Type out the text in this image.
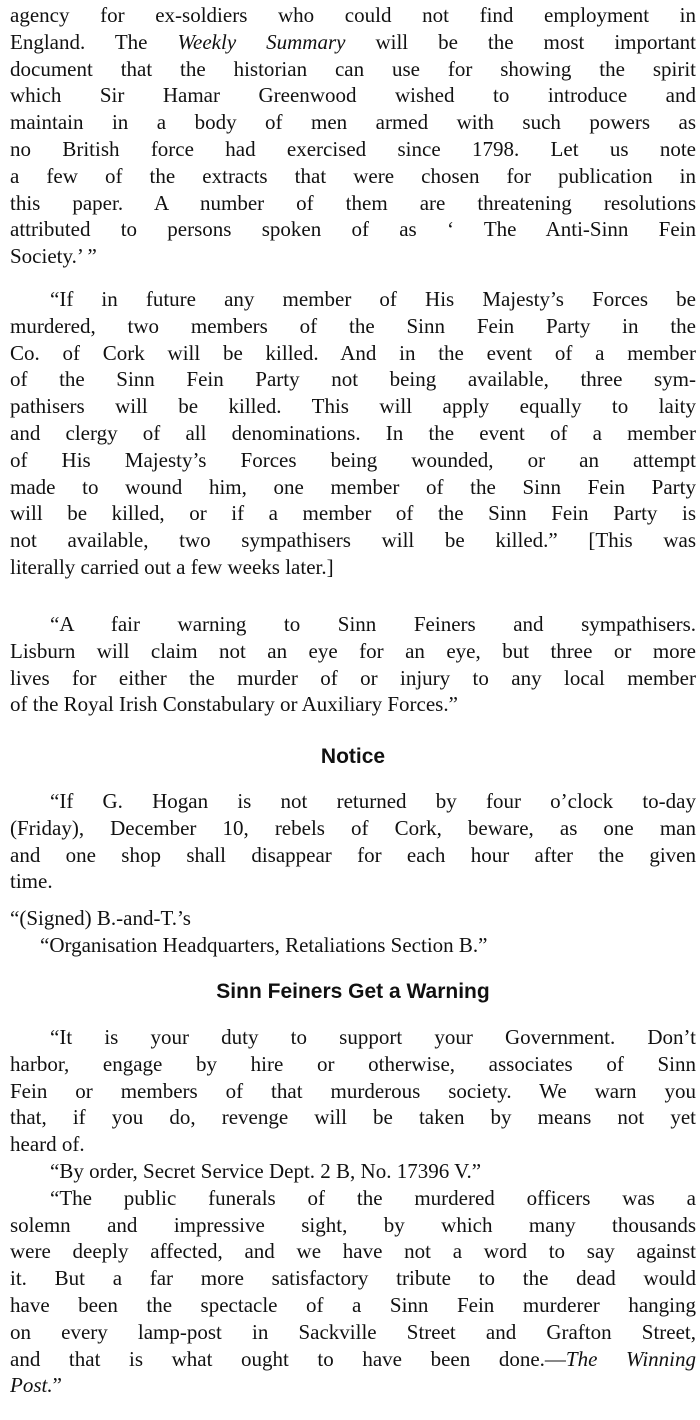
agency for ex-soldiers who could not find employment in
England. The Weekly Summary will be the most important
document that the historian can use for showing the spirit
which Sir Hamar Greenwood wished to introduce and
maintain in a body of men armed with such powers as
no British force had exercised since 1798. Let us note
a few of the extracts that were chosen for publication in
this paper. A number of them are threatening resolutions
attributed to persons spoken of as ‘ The Anti-Sinn Fein
Society.’ ”
“If in future any member of His Majesty’s Forces be
murdered, two members of the Sinn Fein Party in the
Co. of Cork will be killed. And in the event of a member
of the Sinn Fein Party not being available, three sym-
pathisers will be killed. This will apply equally to laity
and clergy of all denominations. In the event of a member
of His Majesty’s Forces being wounded, or an attempt
made to wound him, one member of the Sinn Fein Party
will be killed, or if a member of the Sinn Fein Party is
not available, two sympathisers will be killed.” [This was
literally carried out a few weeks later.]
“A fair warning to Sinn Feiners and sympathisers.
Lisburn will claim not an eye for an eye, but three or more
lives for either the murder of or injury to any local member
of the Royal Irish Constabulary or Auxiliary Forces.”
Notice
“If G. Hogan is not returned by four o’clock to-day
(Friday), December 10, rebels of Cork, beware, as one man
and one shop shall disappear for each hour after the given
time.
“(Signed) B.-and-T.’s
“Organisation Headquarters, Retaliations Section B.”
Sinn Feiners Get a Warning
“It is your duty to support your Government. Don’t
harbor, engage by hire or otherwise, associates of Sinn
Fein or members of that murderous society. We warn you
that, if you do, revenge will be taken by means not yet
heard of.
“By order, Secret Service Dept. 2 B, No. 17396 V.”
“The public funerals of the murdered officers was a
solemn and impressive sight, by which many thousands
were deeply affected, and we have not a word to say against
it. But a far more satisfactory tribute to the dead would
have been the spectacle of a Sinn Fein murderer hanging
on every lamp-post in Sackville Street and Grafton Street,
and that is what ought to have been done.—The Winning
Post.”
